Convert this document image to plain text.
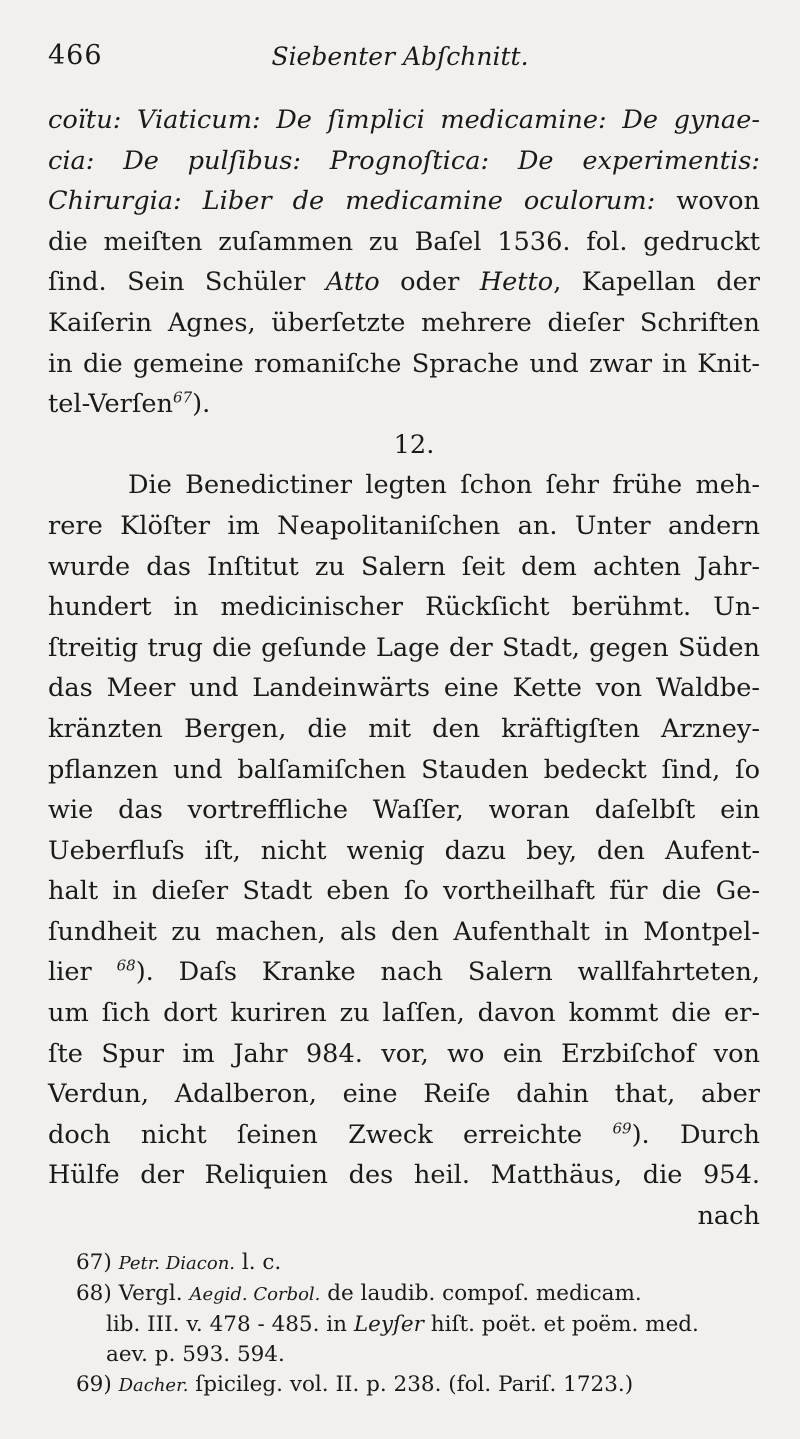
466	Siebenter Abſchnitt.
coïtu: Viaticum: De ſimplici medicamine: De gynae-
cia: De pulſibus: Prognoſtica: De experimentis:
Chirurgia: Liber de medicamine oculorum: wovon
die meiſten zuſammen zu Baſel 1536. fol. gedruckt
ſind. Sein Schüler Atto oder Hetto, Kapellan der
Kaiſerin Agnes, überſetzte mehrere dieſer Schriften
in die gemeine romaniſche Sprache und zwar in Knit-
tel-Verſen$^{67}$).
12.
Die Benedictiner legten ſchon ſehr frühe meh-
rere Klöſter im Neapolitaniſchen an. Unter andern
wurde das Inſtitut zu Salern ſeit dem achten Jahr-
hundert in medicinischer Rückſicht berühmt. Un-
ſtreitig trug die geſunde Lage der Stadt, gegen Süden
das Meer und Landeinwärts eine Kette von Waldbe-
kränzten Bergen, die mit den kräftigſten Arzney-
pflanzen und balſamiſchen Stauden bedeckt ſind, ſo
wie das vortreffliche Waſſer, woran daſelbſt ein
Ueberfluſs iſt, nicht wenig dazu bey, den Aufent-
halt in dieſer Stadt eben ſo vortheilhaft für die Ge-
ſundheit zu machen, als den Aufenthalt in Montpel-
lier $^{68}$). Daſs Kranke nach Salern wallfahrteten,
um ſich dort kuriren zu laſſen, davon kommt die er-
ſte Spur im Jahr 984. vor, wo ein Erzbiſchof von
Verdun, Adalberon, eine Reiſe dahin that, aber
doch nicht ſeinen Zweck erreichte $^{69}$). Durch
Hülfe der Reliquien des heil. Matthäus, die 954.
nach
67) Petr. Diacon. l. c.
68) Vergl. Aegid. Corbol. de laudib. compoſ. medicam.
lib. III. v. 478 - 485. in Leyſer hiſt. poët. et poëm. med.
aev. p. 593. 594.
69) Dacher. ſpicileg. vol. II. p. 238. (fol. Pariſ. 1723.)
